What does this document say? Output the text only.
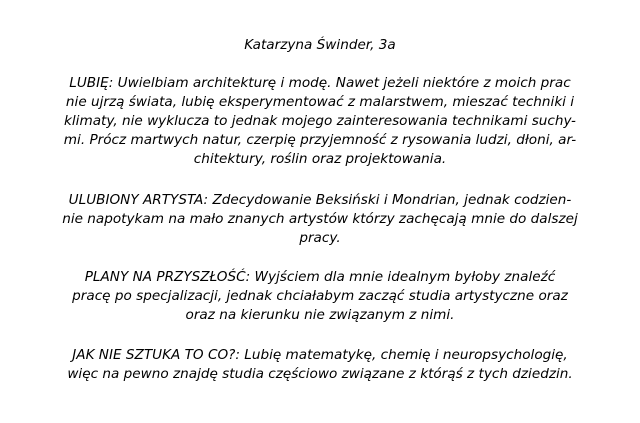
Katarzyna Świnder, 3a
LUBIĘ: Uwielbiam architekturę i modę. Nawet jeżeli niektóre z moich prac
nie ujrzą świata, lubię eksperymentować z malarstwem, mieszać techniki i
klimaty, nie wyklucza to jednak mojego zainteresowania technikami suchy-
mi. Prócz martwych natur, czerpię przyjemność z rysowania ludzi, dłoni, ar-
chitektury, roślin oraz projektowania.
ULUBIONY ARTYSTA: Zdecydowanie Beksiński i Mondrian, jednak codzien-
nie napotykam na mało znanych artystów którzy zachęcają mnie do dalszej
pracy.
PLANY NA PRZYSZŁOŚĆ: Wyjściem dla mnie idealnym byłoby znaleźć
pracę po specjalizacji, jednak chciałabym zacząć studia artystyczne oraz
oraz na kierunku nie związanym z nimi.
JAK NIE SZTUKA TO CO?: Lubię matematykę, chemię i neuropsychologię,
więc na pewno znajdę studia częściowo związane z którąś z tych dziedzin.
